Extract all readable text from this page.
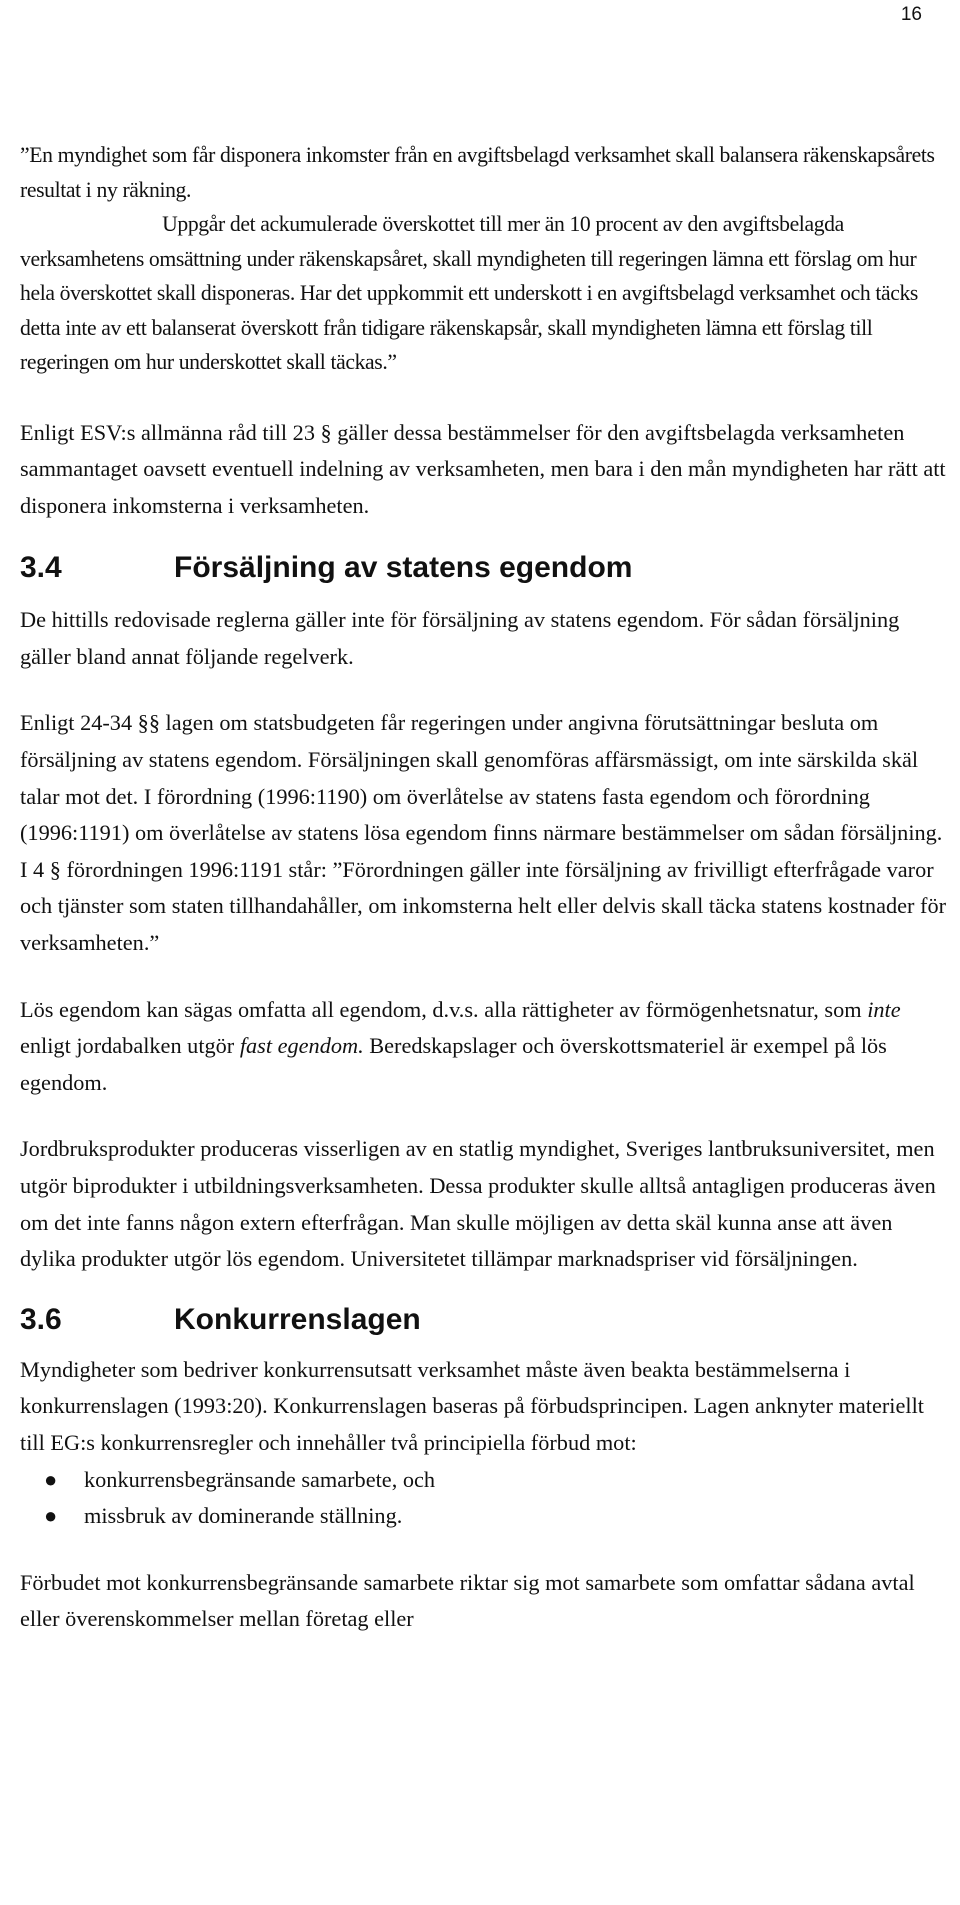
16

”En myndighet som får disponera inkomster från en avgiftsbelagd verksamhet skall balansera räkenskapsårets resultat i ny räkning.

Uppgår det ackumulerade överskottet till mer än 10 procent av den avgiftsbelagda verksamhetens omsättning under räkenskapsåret, skall myndigheten till regeringen lämna ett förslag om hur hela överskottet skall disponeras. Har det uppkommit ett underskott i en avgiftsbelagd verksamhet och täcks detta inte av ett balanserat överskott från tidigare räkenskapsår, skall myndigheten lämna ett förslag till regeringen om hur underskottet skall täckas.”

Enligt ESV:s allmänna råd till 23 § gäller dessa bestämmelser för den avgiftsbelagda verksamheten sammantaget oavsett eventuell indelning av verksamheten, men bara i den mån myndigheten har rätt att disponera inkomsterna i verksamheten.

3.4	Försäljning av statens egendom

De hittills redovisade reglerna gäller inte för försäljning av statens egendom. För sådan försäljning gäller bland annat följande regelverk.

Enligt 24-34 §§ lagen om statsbudgeten får regeringen under angivna förutsättningar besluta om försäljning av statens egendom. Försäljningen skall genomföras affärsmässigt, om inte särskilda skäl talar mot det. I förordning (1996:1190) om överlåtelse av statens fasta egendom och förordning (1996:1191) om överlåtelse av statens lösa egendom finns närmare bestämmelser om sådan försäljning. I 4 § förordningen 1996:1191 står: ”Förordningen gäller inte försäljning av frivilligt efterfrågade varor och tjänster som staten tillhandahåller, om inkomsterna helt eller delvis skall täcka statens kostnader för verksamheten.”

Lös egendom kan sägas omfatta all egendom, d.v.s. alla rättigheter av förmögenhetsnatur, som inte enligt jordabalken utgör fast egendom. Beredskapslager och överskottsmateriel är exempel på lös egendom.

Jordbruksprodukter produceras visserligen av en statlig myndighet, Sveriges lantbruksuniversitet, men utgör biprodukter i utbildningsverksamheten. Dessa produkter skulle alltså antagligen produceras även om det inte fanns någon extern efterfrågan. Man skulle möjligen av detta skäl kunna anse att även dylika produkter utgör lös egendom. Universitetet tillämpar marknadspriser vid försäljningen.

3.6	Konkurrenslagen

Myndigheter som bedriver konkurrensutsatt verksamhet måste även beakta bestämmelserna i konkurrenslagen (1993:20). Konkurrenslagen baseras på förbudsprincipen. Lagen anknyter materiellt till EG:s konkurrensregler och innehåller två principiella förbud mot:

●	konkurrensbegränsande samarbete, och
●	missbruk av dominerande ställning.

Förbudet mot konkurrensbegränsande samarbete riktar sig mot samarbete som omfattar sådana avtal eller överenskommelser mellan företag eller
